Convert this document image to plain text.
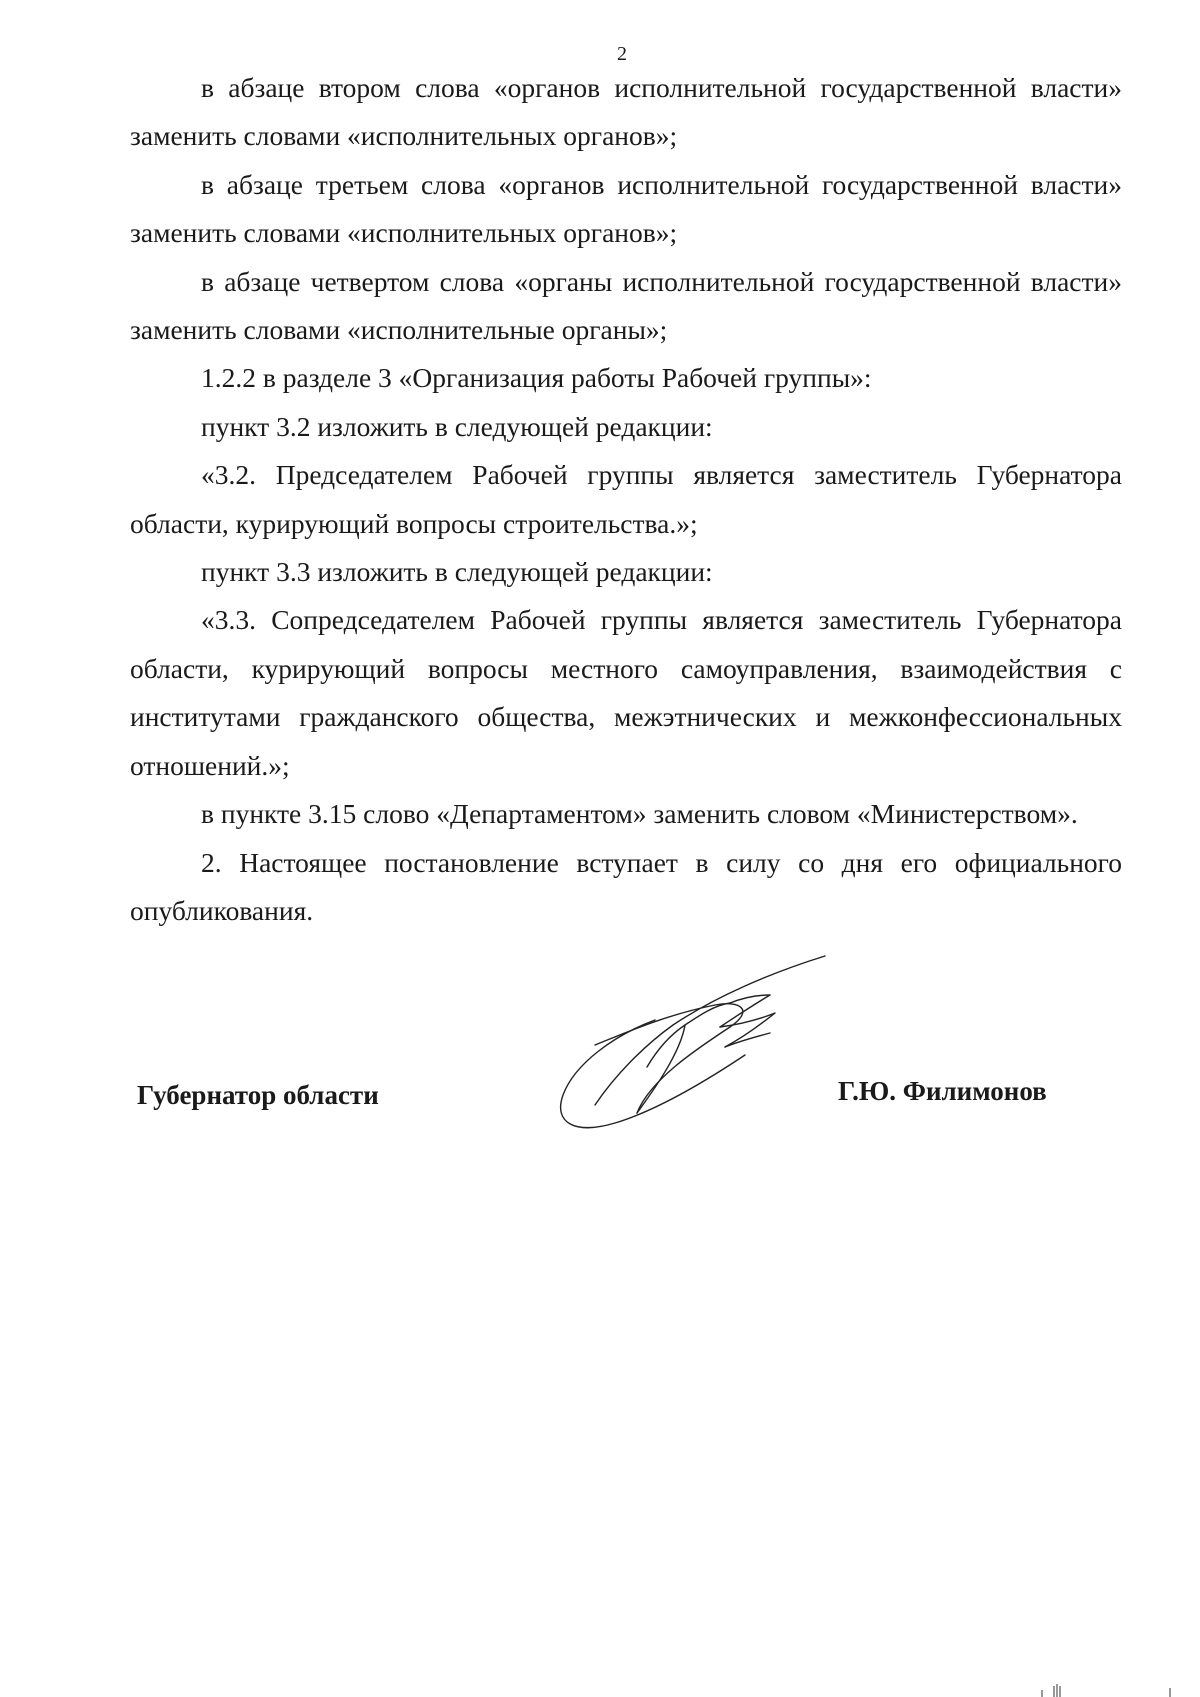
2

в абзаце втором слова «органов исполнительной государственной власти» заменить словами «исполнительных органов»;

в абзаце третьем слова «органов исполнительной государственной власти» заменить словами «исполнительных органов»;

в абзаце четвертом слова «органы исполнительной государственной власти» заменить словами «исполнительные органы»;

1.2.2 в разделе 3 «Организация работы Рабочей группы»:

пункт 3.2 изложить в следующей редакции:

«3.2. Председателем Рабочей группы является заместитель Губернатора области, курирующий вопросы строительства.»;

пункт 3.3 изложить в следующей редакции:

«3.3. Сопредседателем Рабочей группы является заместитель Губернатора области, курирующий вопросы местного самоуправления, взаимодействия с институтами гражданского общества, межэтнических и межконфессиональных отношений.»;

в пункте 3.15 слово «Департаментом» заменить словом «Министерством».

2. Настоящее постановление вступает в силу со дня его официального опубликования.

Губернатор области	Г.Ю. Филимонов
